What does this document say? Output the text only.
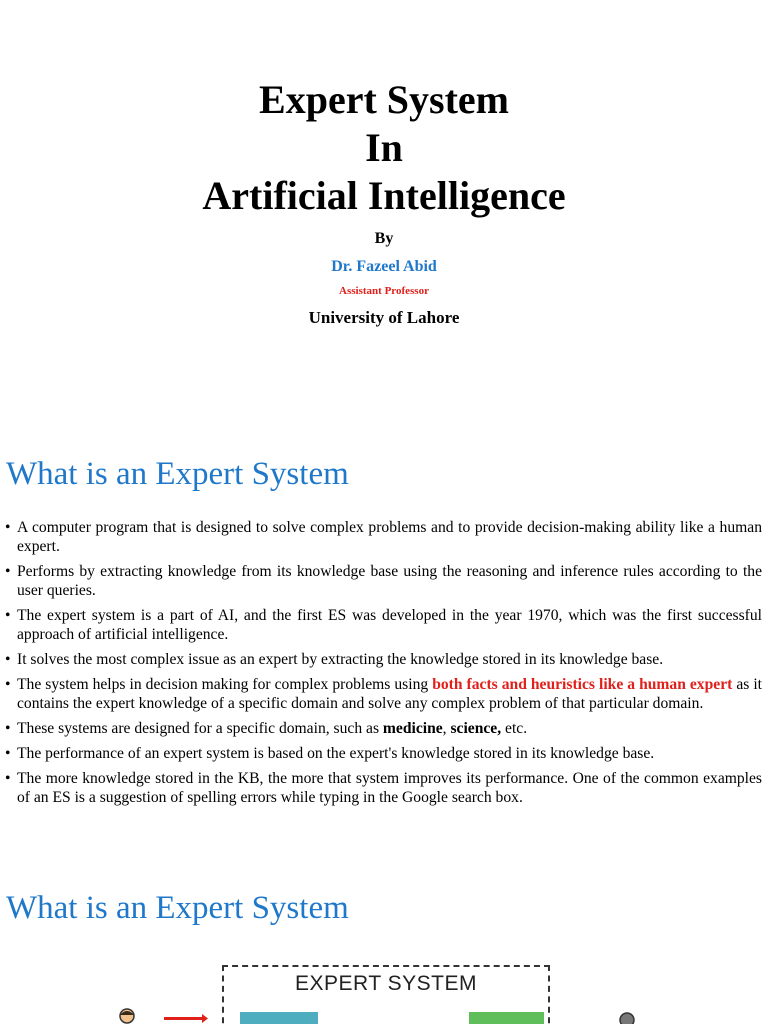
Expert System
In
Artificial Intelligence
By
Dr. Fazeel Abid
Assistant Professor
University of Lahore
What is an Expert System
• A computer program that is designed to solve complex problems and to provide decision-making ability like a human expert.
• Performs by extracting knowledge from its knowledge base using the reasoning and inference rules according to the user queries.
• The expert system is a part of AI, and the first ES was developed in the year 1970, which was the first successful approach of artificial intelligence.
• It solves the most complex issue as an expert by extracting the knowledge stored in its knowledge base.
• The system helps in decision making for complex problems using both facts and heuristics like a human expert as it contains the expert knowledge of a specific domain and solve any complex problem of that particular domain.
• These systems are designed for a specific domain, such as medicine, science, etc.
• The performance of an expert system is based on the expert's knowledge stored in its knowledge base.
• The more knowledge stored in the KB, the more that system improves its performance. One of the common examples of an ES is a suggestion of spelling errors while typing in the Google search box.
What is an Expert System
EXPERT SYSTEM
